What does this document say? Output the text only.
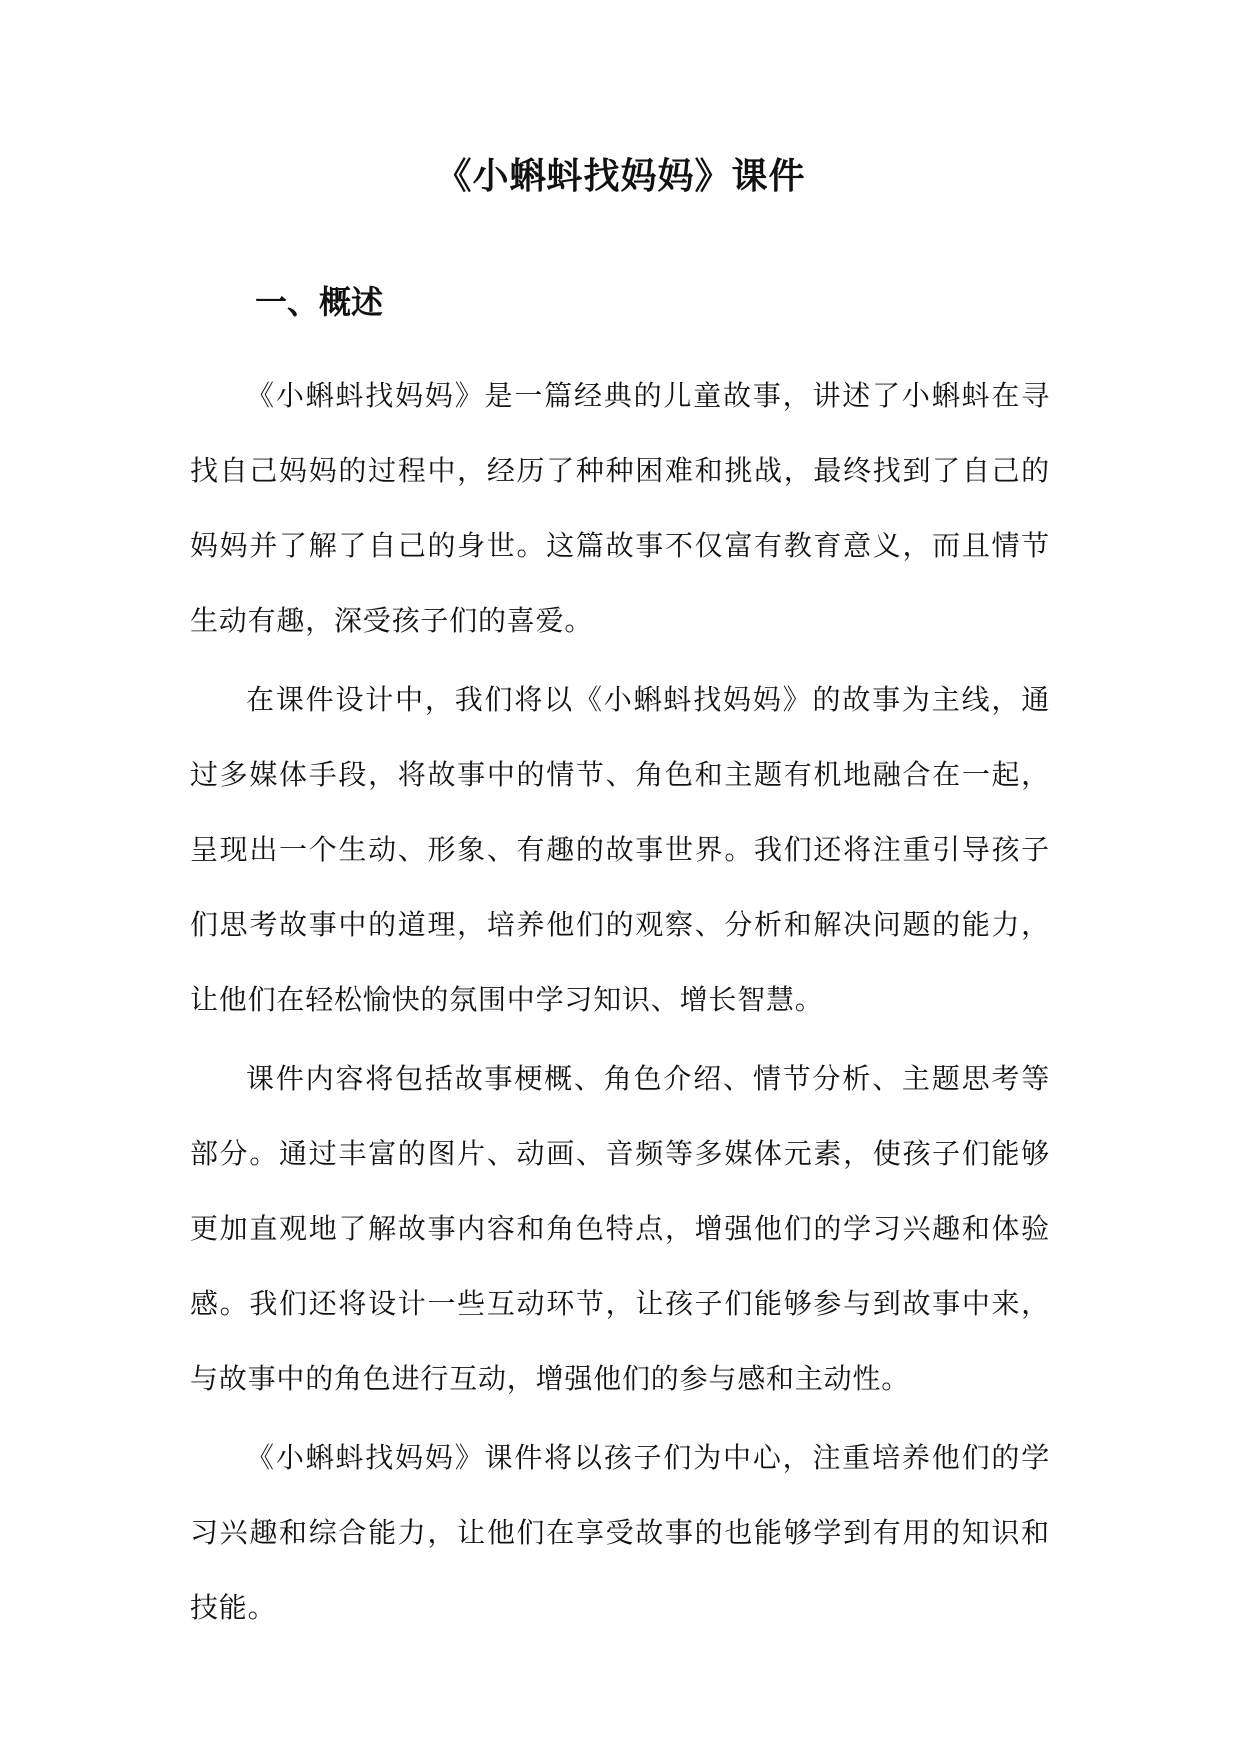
《小蝌蚪找妈妈》课件
一、概述

《小蝌蚪找妈妈》是一篇经典的儿童故事，讲述了小蝌蚪在寻找自己妈妈的过程中，经历了种种困难和挑战，最终找到了自己的妈妈并了解了自己的身世。这篇故事不仅富有教育意义，而且情节生动有趣，深受孩子们的喜爱。

在课件设计中，我们将以《小蝌蚪找妈妈》的故事为主线，通过多媒体手段，将故事中的情节、角色和主题有机地融合在一起，呈现出一个生动、形象、有趣的故事世界。我们还将注重引导孩子们思考故事中的道理，培养他们的观察、分析和解决问题的能力，让他们在轻松愉快的氛围中学习知识、增长智慧。

课件内容将包括故事梗概、角色介绍、情节分析、主题思考等部分。通过丰富的图片、动画、音频等多媒体元素，使孩子们能够更加直观地了解故事内容和角色特点，增强他们的学习兴趣和体验感。我们还将设计一些互动环节，让孩子们能够参与到故事中来，与故事中的角色进行互动，增强他们的参与感和主动性。

《小蝌蚪找妈妈》课件将以孩子们为中心，注重培养他们的学习兴趣和综合能力，让他们在享受故事的也能够学到有用的知识和技能。
